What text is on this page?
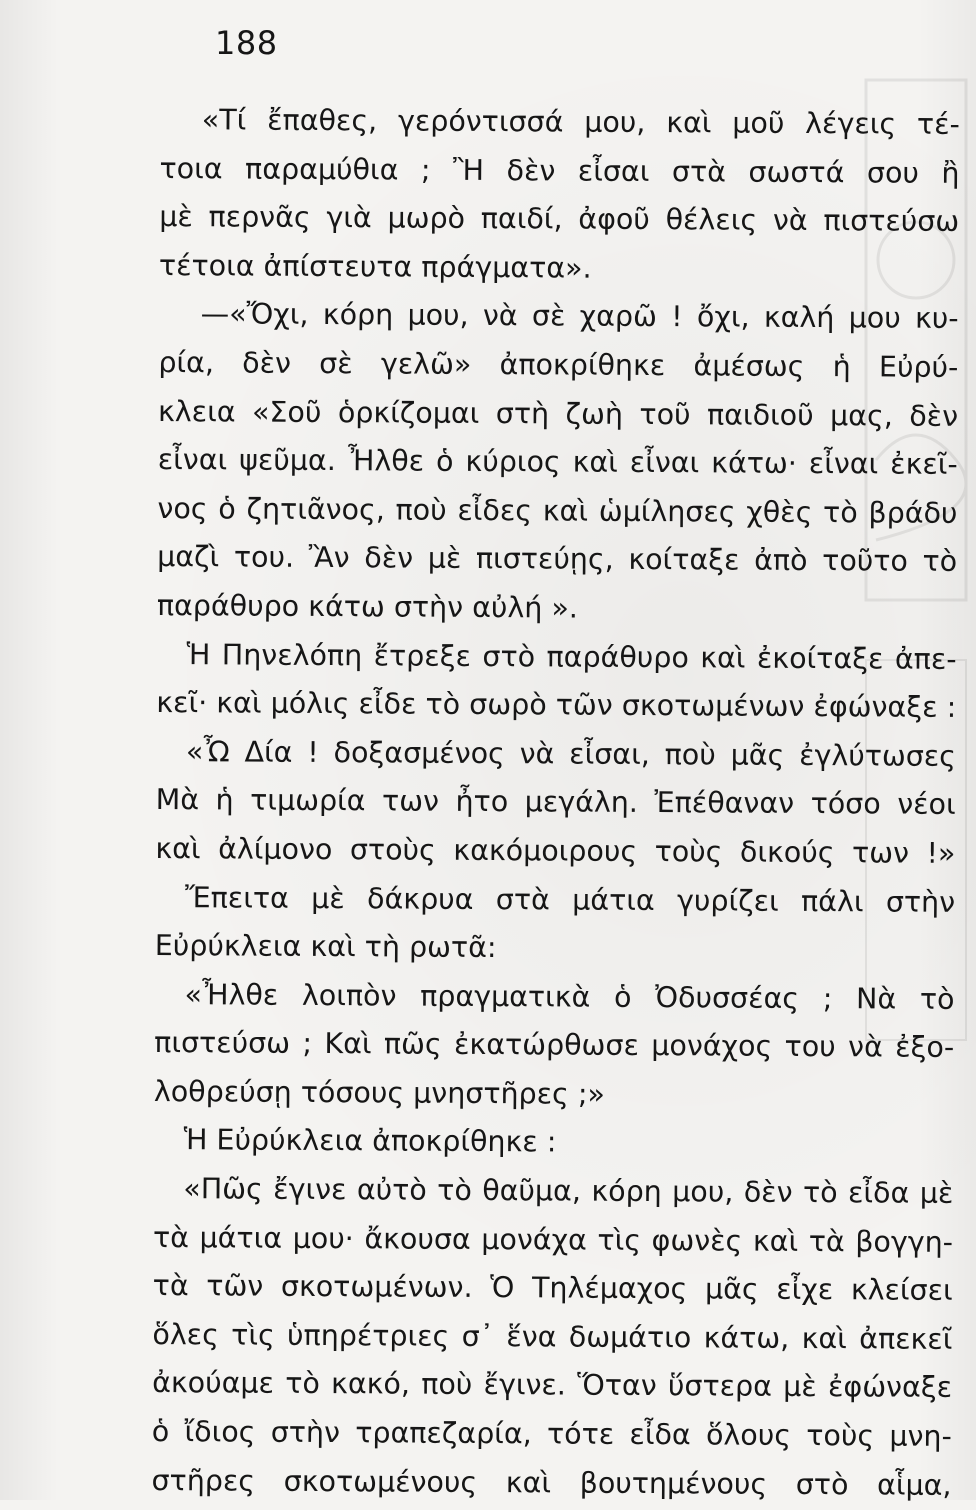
188
«Τί ἔπαθες, γερόντισσά μου, καὶ μοῦ λέγεις τέ-
τοια παραμύθια ; Ἢ δὲν εἶσαι στὰ σωστά σου ἢ
μὲ περνᾶς γιὰ μωρὸ παιδί, ἀφοῦ θέλεις νὰ πιστεύσω
τέτοια ἀπίστευτα πράγματα».
—«Ὄχι, κόρη μου, νὰ σὲ χαρῶ ! ὄχι, καλή μου κυ-
ρία, δὲν σὲ γελῶ» ἀποκρίθηκε ἀμέσως ἡ Εὐρύ-
κλεια «Σοῦ ὁρκίζομαι στὴ ζωὴ τοῦ παιδιοῦ μας, δὲν
εἶναι ψεῦμα. Ἦλθε ὁ κύριος καὶ εἶναι κάτω· εἶναι ἐκεῖ-
νος ὁ ζητιᾶνος, ποὺ εἶδες καὶ ὡμίλησες χθὲς τὸ βράδυ
μαζὶ του. Ἂν δὲν μὲ πιστεύῃς, κοίταξε ἀπὸ τοῦτο τὸ
παράθυρο κάτω στὴν αὐλή ».
Ἡ Πηνελόπη ἔτρεξε στὸ παράθυρο καὶ ἐκοίταξε ἀπε-
κεῖ· καὶ μόλις εἶδε τὸ σωρὸ τῶν σκοτωμένων ἐφώναξε :
«Ὦ Δία ! δοξασμένος νὰ εἶσαι, ποὺ μᾶς ἐγλύτωσες
Μὰ ἡ τιμωρία των ἦτο μεγάλη. Ἐπέθαναν τόσο νέοι
καὶ ἀλίμονο στοὺς κακόμοιρους τοὺς δικούς των !»
Ἔπειτα μὲ δάκρυα στὰ μάτια γυρίζει πάλι στὴν
Εὐρύκλεια καὶ τὴ ρωτᾶ:
«Ἦλθε λοιπὸν πραγματικὰ ὁ Ὀδυσσέας ; Νὰ τὸ
πιστεύσω ; Καὶ πῶς ἐκατώρθωσε μονάχος του νὰ ἐξο-
λοθρεύσῃ τόσους μνηστῆρες ;»
Ἡ Εὐρύκλεια ἀποκρίθηκε :
«Πῶς ἔγινε αὐτὸ τὸ θαῦμα, κόρη μου, δὲν τὸ εἶδα μὲ
τὰ μάτια μου· ἄκουσα μονάχα τὶς φωνὲς καὶ τὰ βογγη-
τὰ τῶν σκοτωμένων. Ὁ Τηλέμαχος μᾶς εἶχε κλείσει
ὅλες τὶς ὑπηρέτριες σ᾽ ἕνα δωμάτιο κάτω, καὶ ἀπεκεῖ
ἀκούαμε τὸ κακό, ποὺ ἔγινε. Ὅταν ὕστερα μὲ ἐφώναξε
ὁ ἴδιος στὴν τραπεζαρία, τότε εἶδα ὅλους τοὺς μνη-
στῆρες σκοτωμένους καὶ βουτημένους στὸ αἷμα,
